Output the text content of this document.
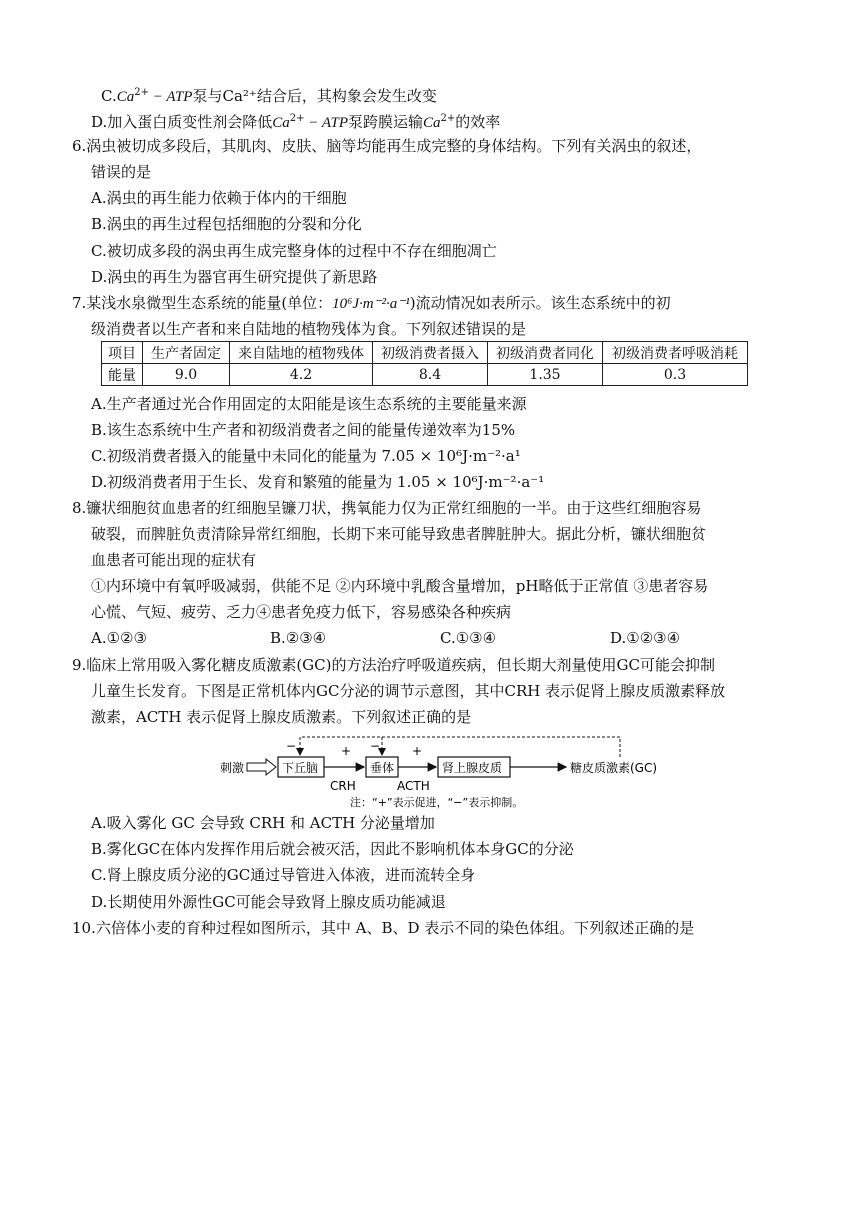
$C.Ca^{2+}$ − ATP泵与Ca²⁺结合后，其构象会发生改变
D.加入蛋白质变性剂会降低$Ca^{2+}$ − ATP泵跨膜运输$Ca^{2+}$的效率
6.涡虫被切成多段后，其肌肉、皮肤、脑等均能再生成完整的身体结构。下列有关涡虫的叙述，
错误的是
A.涡虫的再生能力依赖于体内的干细胞
B.涡虫的再生过程包括细胞的分裂和分化
C.被切成多段的涡虫再生成完整身体的过程中不存在细胞凋亡
D.涡虫的再生为器官再生研究提供了新思路
7.某浅水泉微型生态系统的能量(单位：10⁶J·m⁻²·a⁻¹)流动情况如表所示。该生态系统中的初
级消费者以生产者和来自陆地的植物残体为食。下列叙述错误的是
项目	生产者固定	来自陆地的植物残体	初级消费者摄入	初级消费者同化	初级消费者呼吸消耗
能量	9.0	4.2	8.4	1.35	0.3
A.生产者通过光合作用固定的太阳能是该生态系统的主要能量来源
B.该生态系统中生产者和初级消费者之间的能量传递效率为15%
C.初级消费者摄入的能量中未同化的能量为 7.05 × 10⁶J·m⁻²·a¹
D.初级消费者用于生长、发育和繁殖的能量为 1.05 × 10⁶J·m⁻²·a⁻¹
8.镰状细胞贫血患者的红细胞呈镰刀状，携氧能力仅为正常红细胞的一半。由于这些红细胞容易
破裂，而脾脏负责清除异常红细胞，长期下来可能导致患者脾脏肿大。据此分析，镰状细胞贫
血患者可能出现的症状有
①内环境中有氧呼吸减弱，供能不足 ②内环境中乳酸含量增加，pH略低于正常值 ③患者容易
心慌、气短、疲劳、乏力④患者免疫力低下，容易感染各种疾病
A.①②③	B.②③④	C.①③④	D.①②③④
9.临床上常用吸入雾化糖皮质激素(GC)的方法治疗呼吸道疾病，但长期大剂量使用GC可能会抑制
儿童生长发育。下图是正常机体内GC分泌的调节示意图，其中CRH 表示促肾上腺皮质激素释放
激素，ACTH 表示促肾上腺皮质激素。下列叙述正确的是
刺激	下丘脑
+
CRH
垂体
+
ACTH
肾上腺皮质	糖皮质激素(GC)
−	−
注：“+”表示促进，“−”表示抑制。
A.吸入雾化 GC 会导致 CRH 和 ACTH 分泌量增加
B.雾化GC在体内发挥作用后就会被灭活，因此不影响机体本身GC的分泌
C.肾上腺皮质分泌的GC通过导管进入体液，进而流转全身
D.长期使用外源性GC可能会导致肾上腺皮质功能减退
10.六倍体小麦的育种过程如图所示，其中 A、B、D 表示不同的染色体组。下列叙述正确的是
